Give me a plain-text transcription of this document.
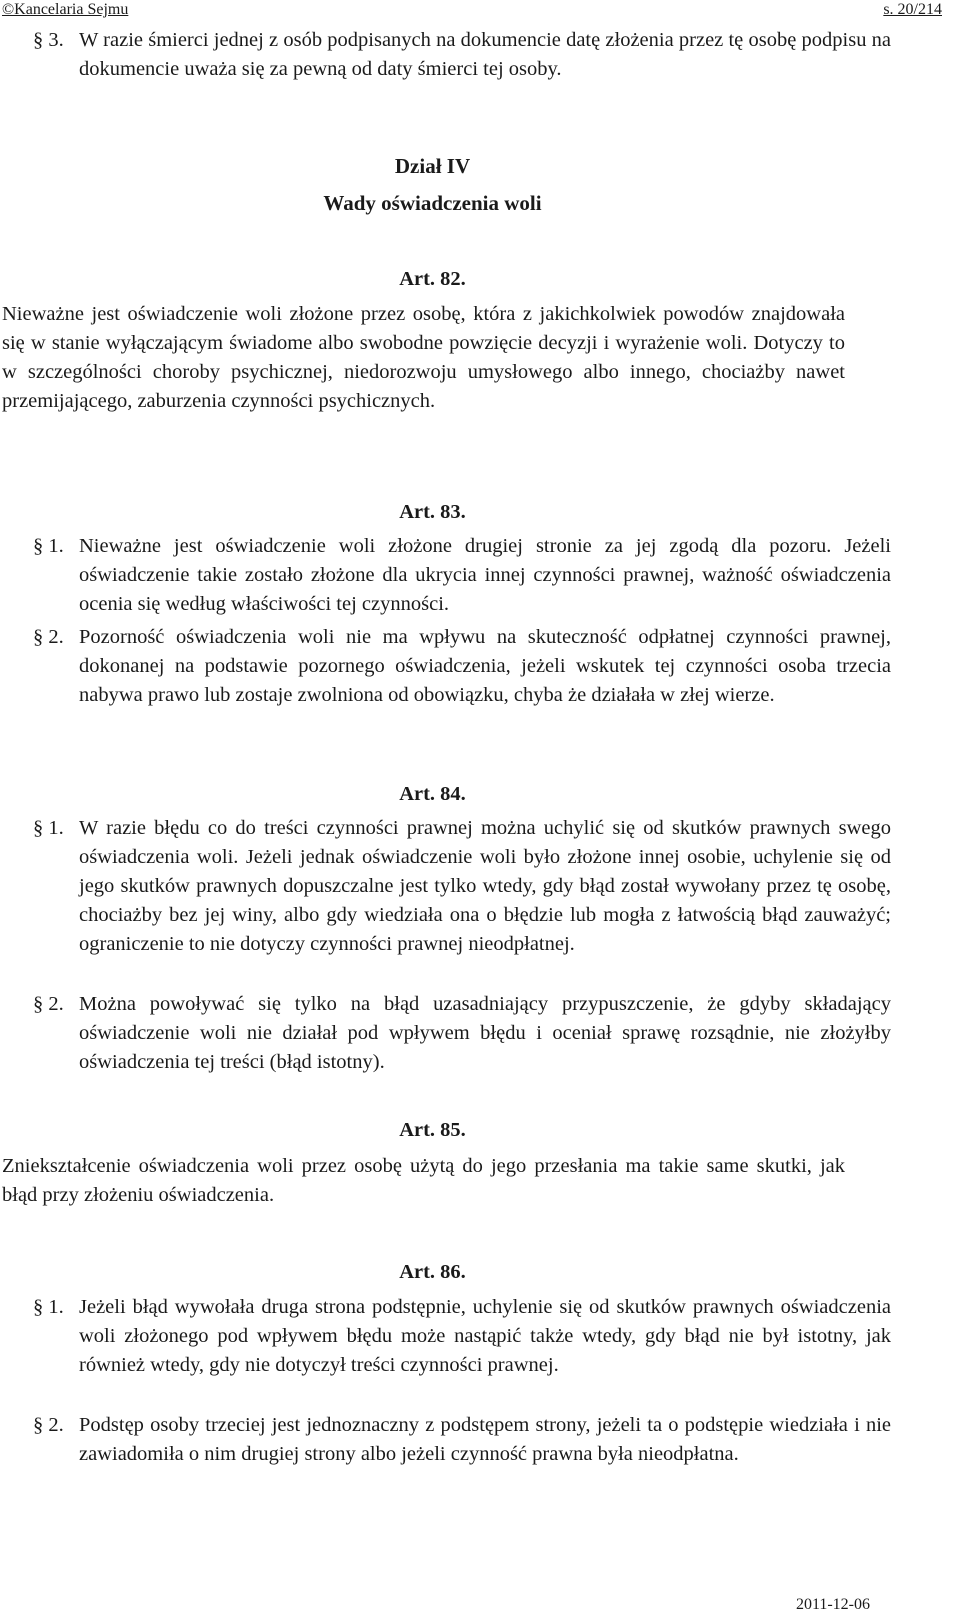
©Kancelaria Sejmu	s. 20/214

§ 3. W razie śmierci jednej z osób podpisanych na dokumencie datę złożenia przez tę osobę podpisu na dokumencie uważa się za pewną od daty śmierci tej osoby.

Dział IV
Wady oświadczenia woli
Art. 82.

Nieważne jest oświadczenie woli złożone przez osobę, która z jakichkolwiek powodów znajdowała się w stanie wyłączającym świadome albo swobodne powzięcie decyzji i wyrażenie woli. Dotyczy to w szczególności choroby psychicznej, niedorozwoju umysłowego albo innego, chociażby nawet przemijającego, zaburzenia czynności psychicznych.

Art. 83.

§ 1. Nieważne jest oświadczenie woli złożone drugiej stronie za jej zgodą dla pozoru. Jeżeli oświadczenie takie zostało złożone dla ukrycia innej czynności prawnej, ważność oświadczenia ocenia się według właściwości tej czynności.

§ 2. Pozorność oświadczenia woli nie ma wpływu na skuteczność odpłatnej czynności prawnej, dokonanej na podstawie pozornego oświadczenia, jeżeli wskutek tej czynności osoba trzecia nabywa prawo lub zostaje zwolniona od obowiązku, chyba że działała w złej wierze.

Art. 84.

§ 1. W razie błędu co do treści czynności prawnej można uchylić się od skutków prawnych swego oświadczenia woli. Jeżeli jednak oświadczenie woli było złożone innej osobie, uchylenie się od jego skutków prawnych dopuszczalne jest tylko wtedy, gdy błąd został wywołany przez tę osobę, chociażby bez jej winy, albo gdy wiedziała ona o błędzie lub mogła z łatwością błąd zauważyć; ograniczenie to nie dotyczy czynności prawnej nieodpłatnej.

§ 2. Można powoływać się tylko na błąd uzasadniający przypuszczenie, że gdyby składający oświadczenie woli nie działał pod wpływem błędu i oceniał sprawę rozsądnie, nie złożyłby oświadczenia tej treści (błąd istotny).

Art. 85.

Zniekształcenie oświadczenia woli przez osobę użytą do jego przesłania ma takie same skutki, jak błąd przy złożeniu oświadczenia.

Art. 86.

§ 1. Jeżeli błąd wywołała druga strona podstępnie, uchylenie się od skutków prawnych oświadczenia woli złożonego pod wpływem błędu może nastąpić także wtedy, gdy błąd nie był istotny, jak również wtedy, gdy nie dotyczył treści czynności prawnej.

§ 2. Podstęp osoby trzeciej jest jednoznaczny z podstępem strony, jeżeli ta o podstępie wiedziała i nie zawiadomiła o nim drugiej strony albo jeżeli czynność prawna była nieodpłatna.

2011-12-06
